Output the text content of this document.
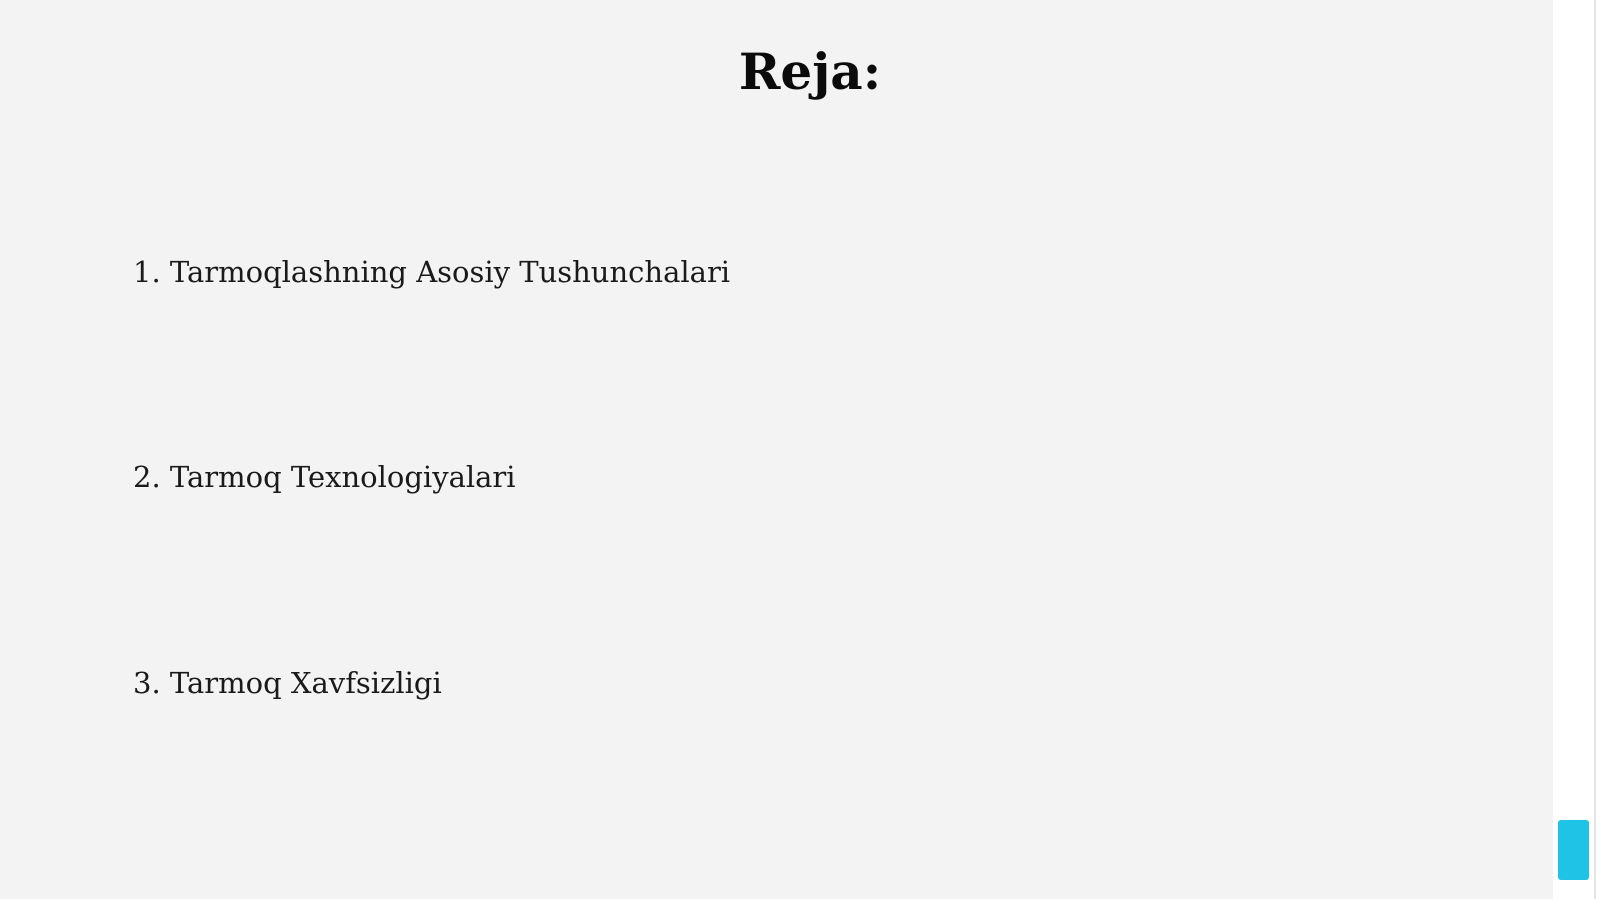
Reja:

1. Tarmoqlashning Asosiy Tushunchalari

2. Tarmoq Texnologiyalari

3. Tarmoq Xavfsizligi
